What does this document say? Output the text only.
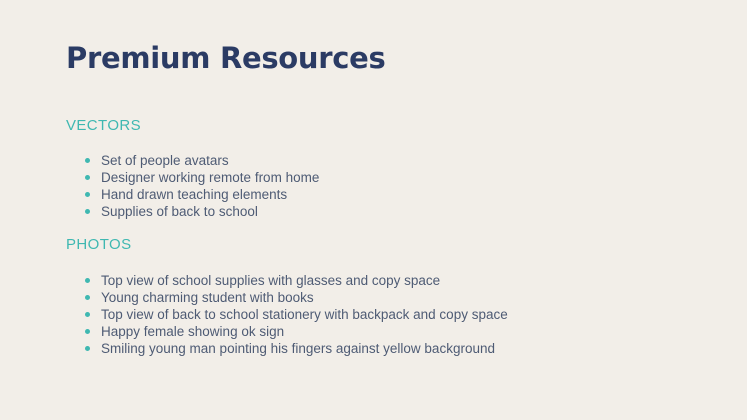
Premium Resources
VECTORS
Set of people avatars
Designer working remote from home
Hand drawn teaching elements
Supplies of back to school
PHOTOS
Top view of school supplies with glasses and copy space
Young charming student with books
Top view of back to school stationery with backpack and copy space
Happy female showing ok sign
Smiling young man pointing his fingers against yellow background
